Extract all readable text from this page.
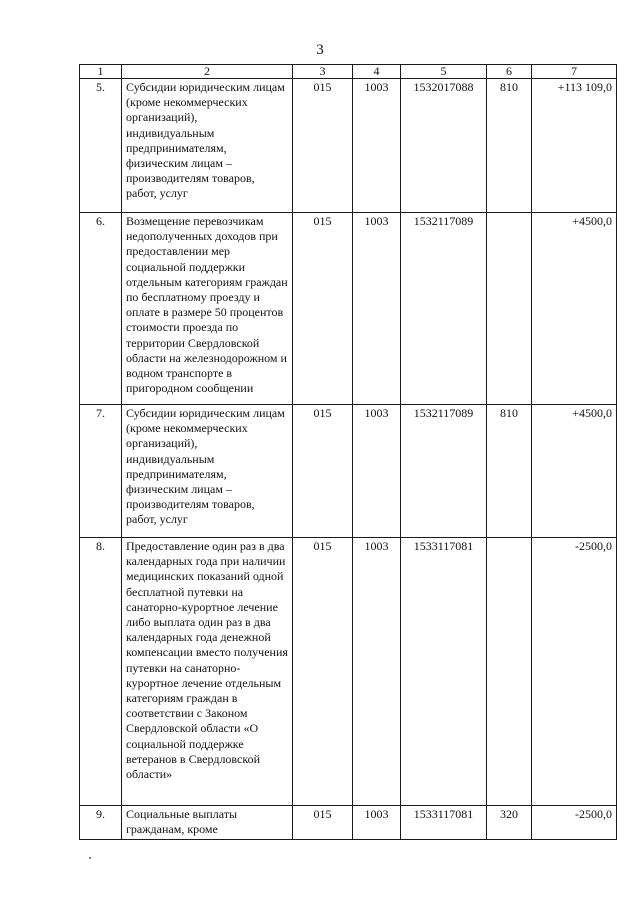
3
1	2	3	4	5	6	7
5.	Субсидии юридическим лицам (кроме некоммерческих организаций), индивидуальным предпринимателям, физическим лицам – производителям товаров, работ, услуг	015	1003	1532017088	810	+113 109,0
6.	Возмещение перевозчикам недополученных доходов при предоставлении мер социальной поддержки отдельным категориям граждан по бесплатному проезду и оплате в размере 50 процентов стоимости проезда по территории Свердловской области на железнодорожном и водном транспорте в пригородном сообщении	015	1003	1532117089		+4500,0
7.	Субсидии юридическим лицам (кроме некоммерческих организаций), индивидуальным предпринимателям, физическим лицам – производителям товаров, работ, услуг	015	1003	1532117089	810	+4500,0
8.	Предоставление один раз в два календарных года при наличии медицинских показаний одной бесплатной путевки на санаторно-курортное лечение либо выплата один раз в два календарных года денежной компенсации вместо получения путевки на санаторно-курортное лечение отдельным категориям граждан в соответствии с Законом Свердловской области «О социальной поддержке ветеранов в Свердловской области»	015	1003	1533117081		-2500,0
9.	Социальные выплаты гражданам, кроме	015	1003	1533117081	320	-2500,0
